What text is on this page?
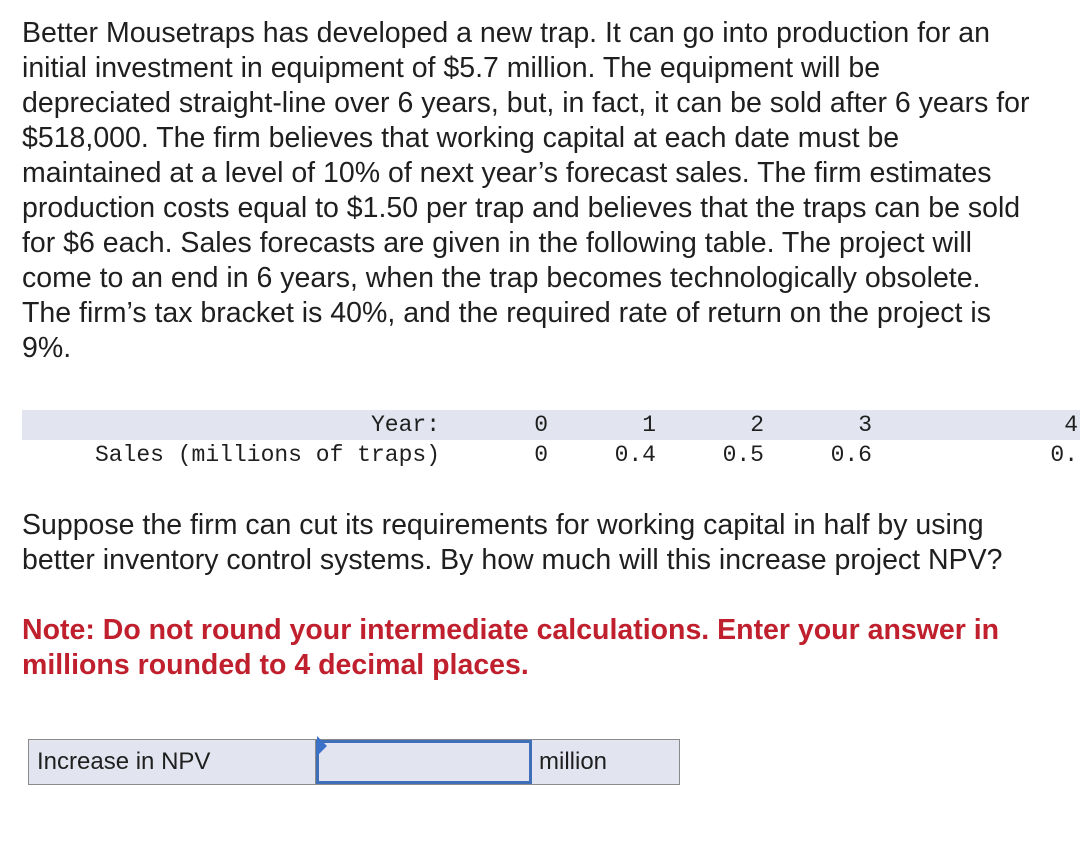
Better Mousetraps has developed a new trap. It can go into production for an initial investment in equipment of $5.7 million. The equipment will be depreciated straight-line over 6 years, but, in fact, it can be sold after 6 years for $518,000. The firm believes that working capital at each date must be maintained at a level of 10% of next year’s forecast sales. The firm estimates production costs equal to $1.50 per trap and believes that the traps can be sold for $6 each. Sales forecasts are given in the following table. The project will come to an end in 6 years, when the trap becomes technologically obsolete. The firm’s tax bracket is 40%, and the required rate of return on the project is 9%.

Year:	0	1	2	3	4
Sales (millions of traps)	0	0.4	0.5	0.6	0.

Suppose the firm can cut its requirements for working capital in half by using better inventory control systems. By how much will this increase project NPV?

Note: Do not round your intermediate calculations. Enter your answer in millions rounded to 4 decimal places.

Increase in NPV	million
